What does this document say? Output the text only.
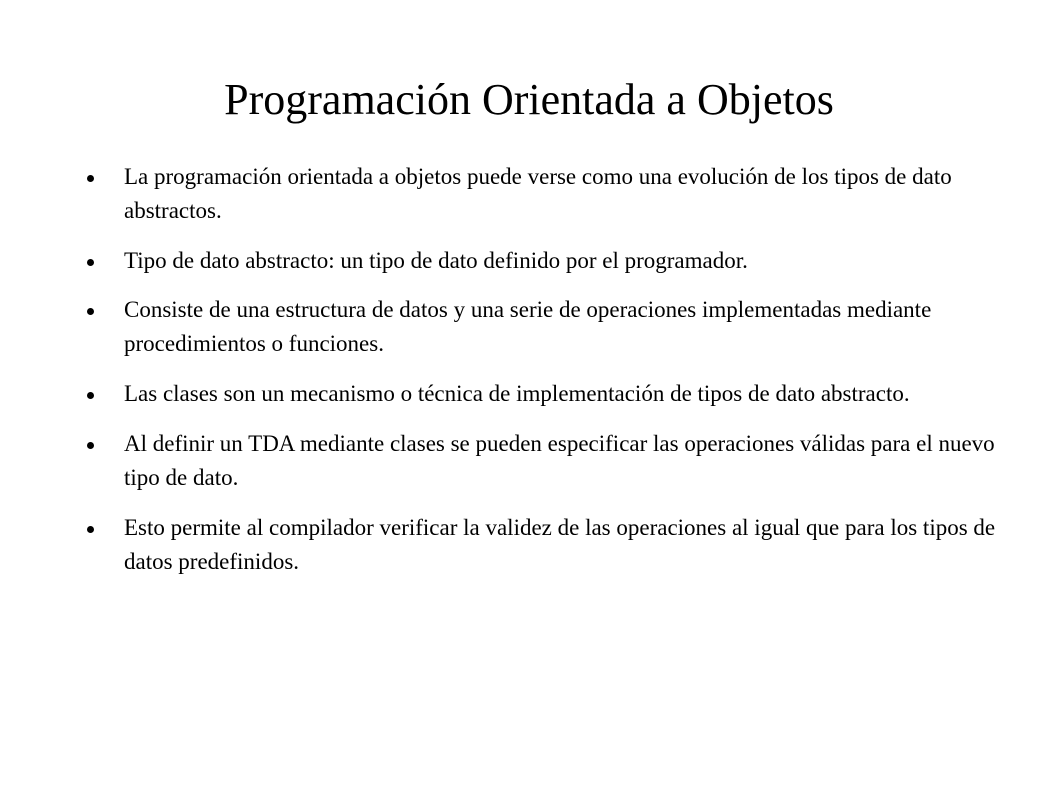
Programación Orientada a Objetos
La programación orientada a objetos puede verse como una evolución de los tipos de dato abstractos.
Tipo de dato abstracto: un tipo de dato definido por el programador.
Consiste de una estructura de datos y una serie de operaciones implementadas mediante procedimientos o funciones.
Las clases son un mecanismo o técnica de implementación de tipos de dato abstracto.
Al definir un TDA mediante clases se pueden especificar las operaciones válidas para el nuevo tipo de dato.
Esto permite al compilador verificar la validez de las operaciones al igual que para los tipos de datos predefinidos.
